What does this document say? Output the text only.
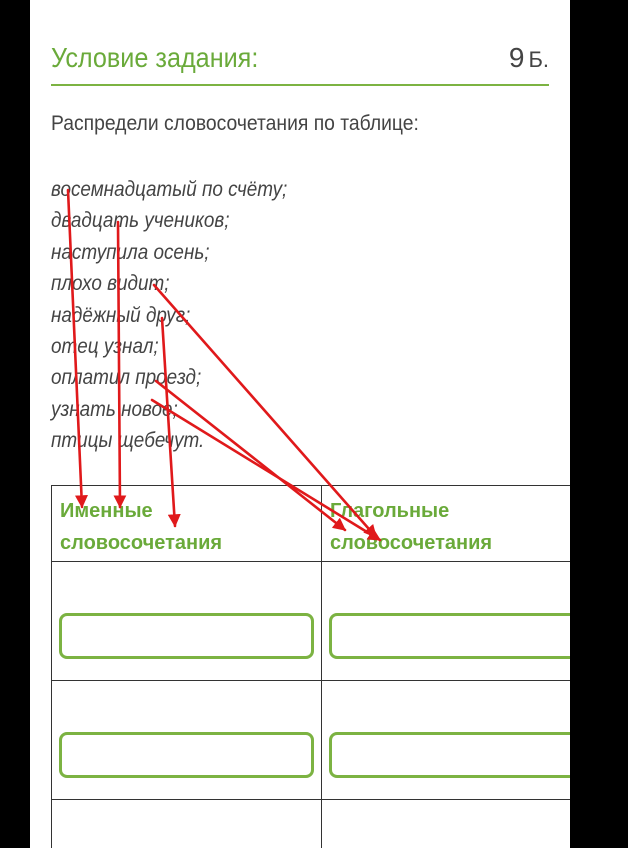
Условие задания:	9 Б.
Распредели словосочетания по таблице:
восемнадцатый по счёту;
двадцать учеников;
наступила осень;
плохо видит;
надёжный друг;
отец узнал;
оплатил проезд;
узнать новое;
птицы щебечут.
Именные словосочетания	Глагольные словосочетания
